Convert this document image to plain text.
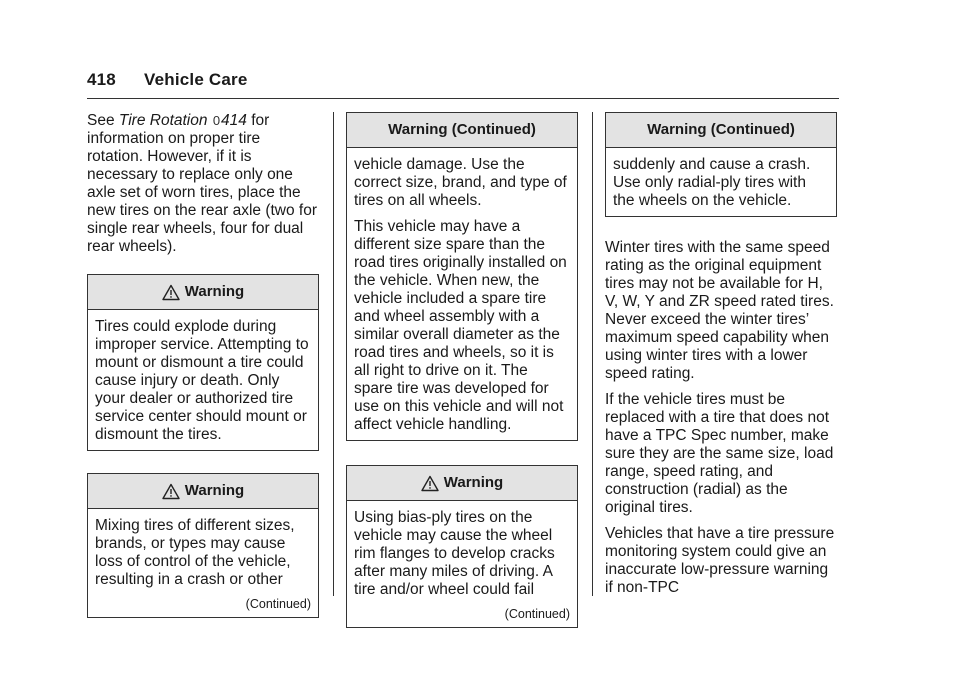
418 Vehicle Care

See Tire Rotation 0414 for information on proper tire rotation. However, if it is necessary to replace only one axle set of worn tires, place the new tires on the rear axle (two for single rear wheels, four for dual rear wheels).

Warning

Tires could explode during improper service. Attempting to mount or dismount a tire could cause injury or death. Only your dealer or authorized tire service center should mount or dismount the tires.

Warning

Mixing tires of different sizes, brands, or types may cause loss of control of the vehicle, resulting in a crash or other

(Continued)
Warning (Continued)

vehicle damage. Use the correct size, brand, and type of tires on all wheels.

This vehicle may have a different size spare than the road tires originally installed on the vehicle. When new, the vehicle included a spare tire and wheel assembly with a similar overall diameter as the road tires and wheels, so it is all right to drive on it. The spare tire was developed for use on this vehicle and will not affect vehicle handling.

Warning

Using bias-ply tires on the vehicle may cause the wheel rim flanges to develop cracks after many miles of driving. A tire and/or wheel could fail

(Continued)
Warning (Continued)

suddenly and cause a crash. Use only radial-ply tires with the wheels on the vehicle.

Winter tires with the same speed rating as the original equipment tires may not be available for H, V, W, Y and ZR speed rated tires. Never exceed the winter tires’ maximum speed capability when using winter tires with a lower speed rating.

If the vehicle tires must be replaced with a tire that does not have a TPC Spec number, make sure they are the same size, load range, speed rating, and construction (radial) as the original tires.

Vehicles that have a tire pressure monitoring system could give an inaccurate low-pressure warning if non-TPC
